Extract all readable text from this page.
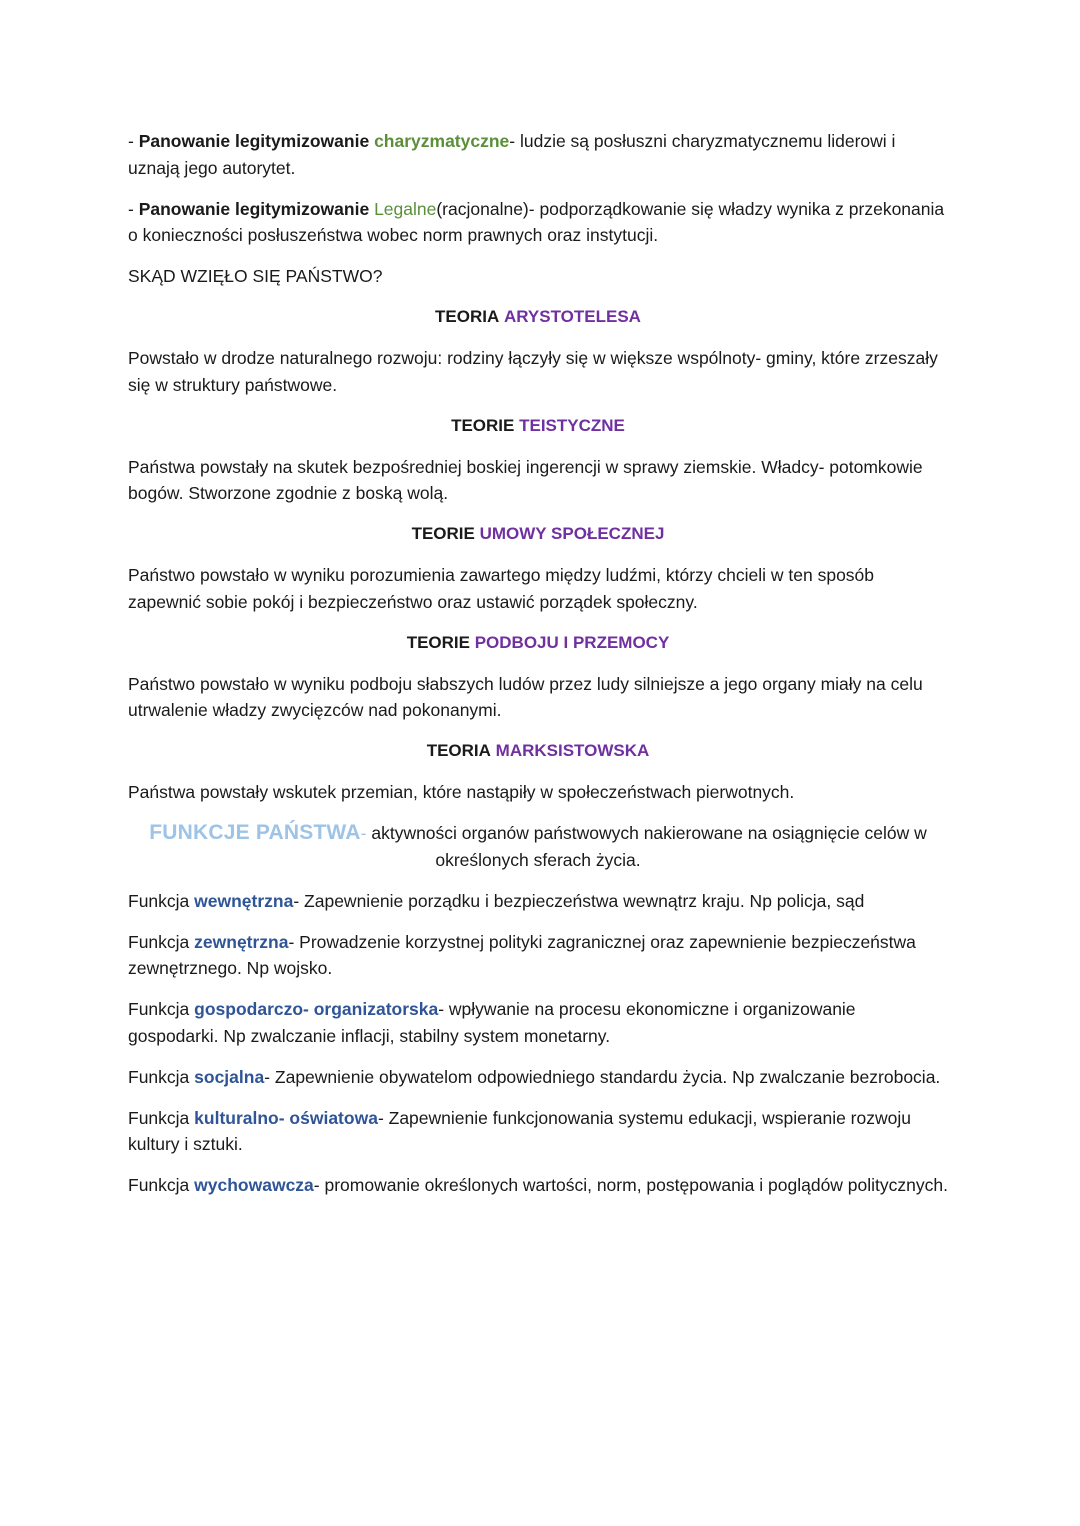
- Panowanie legitymizowanie charyzmatyczne- ludzie są posłuszni charyzmatycznemu liderowi i uznają jego autorytet.

- Panowanie legitymizowanie Legalne(racjonalne)- podporządkowanie się władzy wynika z przekonania o konieczności posłuszeństwa wobec norm prawnych oraz instytucji.

SKĄD WZIĘŁO SIĘ PAŃSTWO?

TEORIA ARYSTOTELESA

Powstało w drodze naturalnego rozwoju: rodziny łączyły się w większe wspólnoty- gminy, które zrzeszały się w struktury państwowe.

TEORIE TEISTYCZNE

Państwa powstały na skutek bezpośredniej boskiej ingerencji w sprawy ziemskie. Władcy- potomkowie bogów. Stworzone zgodnie z boską wolą.

TEORIE UMOWY SPOŁECZNEJ

Państwo powstało w wyniku porozumienia zawartego między ludźmi, którzy chcieli w ten sposób zapewnić sobie pokój i bezpieczeństwo oraz ustawić porządek społeczny.

TEORIE PODBOJU I PRZEMOCY

Państwo powstało w wyniku podboju słabszych ludów przez ludy silniejsze a jego organy miały na celu utrwalenie władzy zwycięzców nad pokonanymi.

TEORIA MARKSISTOWSKA

Państwa powstały wskutek przemian, które nastąpiły w społeczeństwach pierwotnych.

FUNKCJE PAŃSTWA- aktywności organów państwowych nakierowane na osiągnięcie celów w określonych sferach życia.

Funkcja wewnętrzna- Zapewnienie porządku i bezpieczeństwa wewnątrz kraju. Np policja, sąd

Funkcja zewnętrzna- Prowadzenie korzystnej polityki zagranicznej oraz zapewnienie bezpieczeństwa zewnętrznego. Np wojsko.

Funkcja gospodarczo- organizatorska- wpływanie na procesu ekonomiczne i organizowanie gospodarki. Np zwalczanie inflacji, stabilny system monetarny.

Funkcja socjalna- Zapewnienie obywatelom odpowiedniego standardu życia. Np zwalczanie bezrobocia.

Funkcja kulturalno- oświatowa- Zapewnienie funkcjonowania systemu edukacji, wspieranie rozwoju kultury i sztuki.

Funkcja wychowawcza- promowanie określonych wartości, norm, postępowania i poglądów politycznych.
